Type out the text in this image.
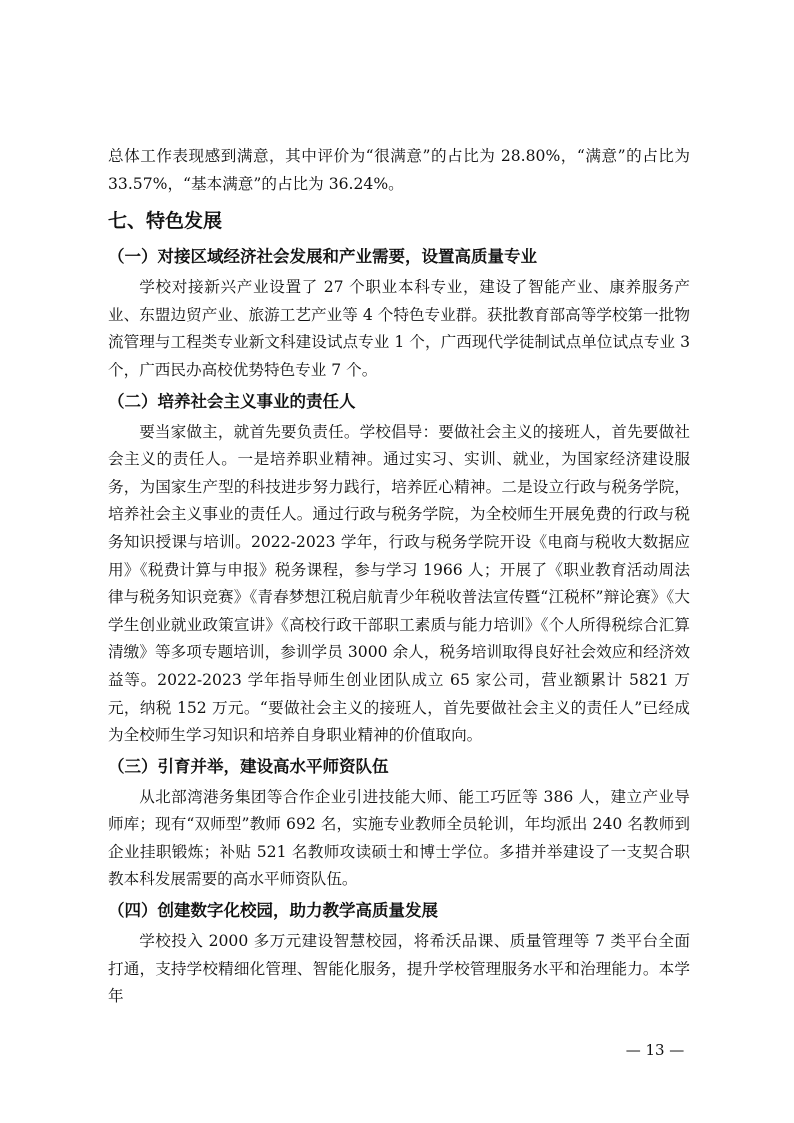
总体工作表现感到满意，其中评价为“很满意”的占比为 28.80%，“满意”的占比为 33.57%，“基本满意”的占比为 36.24%。

七、特色发展
（一）对接区域经济社会发展和产业需要，设置高质量专业

学校对接新兴产业设置了 27 个职业本科专业，建设了智能产业、康养服务产业、东盟边贸产业、旅游工艺产业等 4 个特色专业群。获批教育部高等学校第一批物流管理与工程类专业新文科建设试点专业 1 个，广西现代学徒制试点单位试点专业 3 个，广西民办高校优势特色专业 7 个。

（二）培养社会主义事业的责任人

要当家做主，就首先要负责任。学校倡导：要做社会主义的接班人，首先要做社会主义的责任人。一是培养职业精神。通过实习、实训、就业，为国家经济建设服务，为国家生产型的科技进步努力践行，培养匠心精神。二是设立行政与税务学院，培养社会主义事业的责任人。通过行政与税务学院，为全校师生开展免费的行政与税务知识授课与培训。2022-2023 学年，行政与税务学院开设《电商与税收大数据应用》《税费计算与申报》税务课程，参与学习 1966 人；开展了《职业教育活动周法律与税务知识竞赛》《青春梦想江税启航青少年税收普法宣传暨“江税杯”辩论赛》《大学生创业就业政策宣讲》《高校行政干部职工素质与能力培训》《个人所得税综合汇算清缴》等多项专题培训，参训学员 3000 余人，税务培训取得良好社会效应和经济效益等。2022-2023 学年指导师生创业团队成立 65 家公司，营业额累计 5821 万元，纳税 152 万元。“要做社会主义的接班人，首先要做社会主义的责任人”已经成为全校师生学习知识和培养自身职业精神的价值取向。

（三）引育并举，建设高水平师资队伍

从北部湾港务集团等合作企业引进技能大师、能工巧匠等 386 人，建立产业导师库；现有“双师型”教师 692 名，实施专业教师全员轮训，年均派出 240 名教师到企业挂职锻炼；补贴 521 名教师攻读硕士和博士学位。多措并举建设了一支契合职教本科发展需要的高水平师资队伍。

（四）创建数字化校园，助力教学高质量发展

学校投入 2000 多万元建设智慧校园，将希沃品课、质量管理等 7 类平台全面打通，支持学校精细化管理、智能化服务，提升学校管理服务水平和治理能力。本学年

— 13 —
